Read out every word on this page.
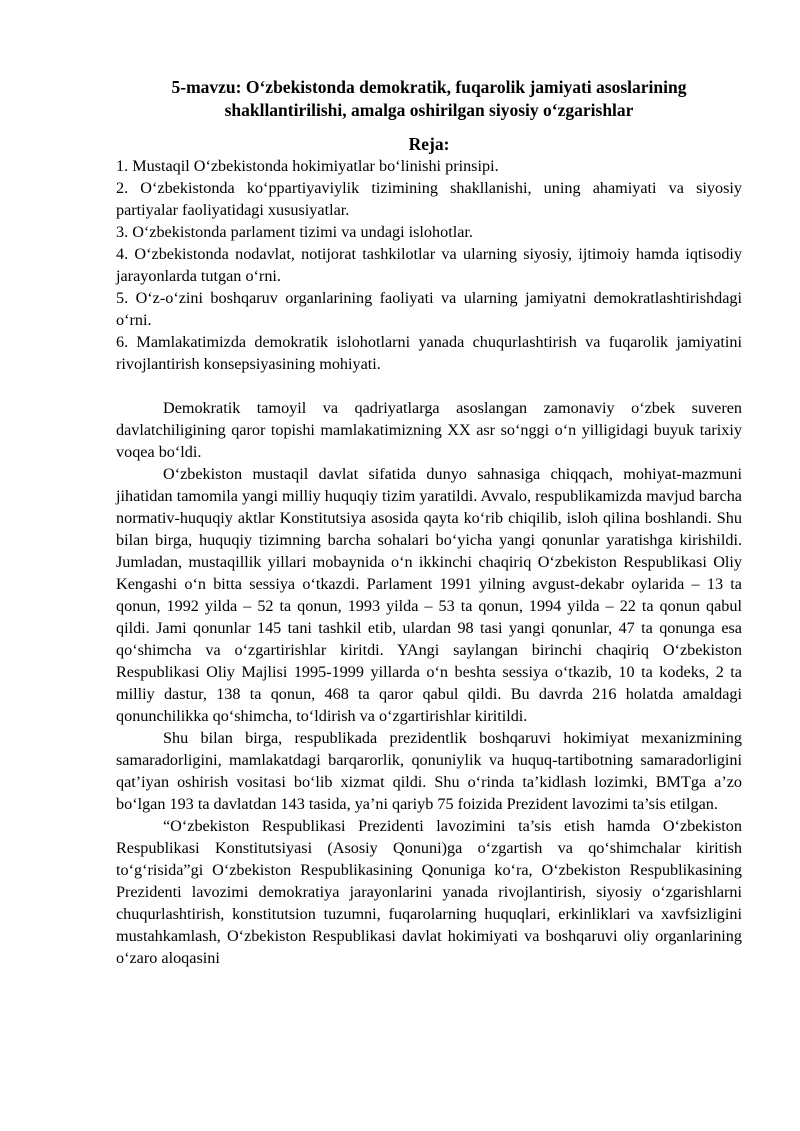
5-mavzu: O‘zbekistonda demokratik, fuqarolik jamiyati asoslarining
shakllantirilishi, amalga oshirilgan siyosiy o‘zgarishlar
Reja:
1. Mustaqil O‘zbekistonda hokimiyatlar bo‘linishi prinsipi.
2. O‘zbekistonda ko‘ppartiyaviylik tizimining shakllanishi, uning ahamiyati va siyosiy partiyalar faoliyatidagi xususiyatlar.
3. O‘zbekistonda parlament tizimi va undagi islohotlar.
4. O‘zbekistonda nodavlat, notijorat tashkilotlar va ularning siyosiy, ijtimoiy hamda iqtisodiy jarayonlarda tutgan o‘rni.
5. O‘z-o‘zini boshqaruv organlarining faoliyati va ularning jamiyatni demokratlashtirishdagi o‘rni.
6. Mamlakatimizda demokratik islohotlarni yanada chuqurlashtirish va fuqarolik jamiyatini rivojlantirish konsepsiyasining mohiyati.

Demokratik tamoyil va qadriyatlarga asoslangan zamonaviy o‘zbek suveren davlatchiligining qaror topishi mamlakatimizning XX asr so‘nggi o‘n yilligidagi buyuk tarixiy voqea bo‘ldi.

O‘zbekiston mustaqil davlat sifatida dunyo sahnasiga chiqqach, mohiyat-mazmuni jihatidan tamomila yangi milliy huquqiy tizim yaratildi. Avvalo, respublikamizda mavjud barcha normativ-huquqiy aktlar Konstitutsiya asosida qayta ko‘rib chiqilib, isloh qilina boshlandi. Shu bilan birga, huquqiy tizimning barcha sohalari bo‘yicha yangi qonunlar yaratishga kirishildi. Jumladan, mustaqillik yillari mobaynida o‘n ikkinchi chaqiriq O‘zbekiston Respublikasi Oliy Kengashi o‘n bitta sessiya o‘tkazdi. Parlament 1991 yilning avgust-dekabr oylarida – 13 ta qonun, 1992 yilda – 52 ta qonun, 1993 yilda – 53 ta qonun, 1994 yilda – 22 ta qonun qabul qildi. Jami qonunlar 145 tani tashkil etib, ulardan 98 tasi yangi qonunlar, 47 ta qonunga esa qo‘shimcha va o‘zgartirishlar kiritdi. YAngi saylangan birinchi chaqiriq O‘zbekiston Respublikasi Oliy Majlisi 1995-1999 yillarda o‘n beshta sessiya o‘tkazib, 10 ta kodeks, 2 ta milliy dastur, 138 ta qonun, 468 ta qaror qabul qildi. Bu davrda 216 holatda amaldagi qonunchilikka qo‘shimcha, to‘ldirish va o‘zgartirishlar kiritildi.

Shu bilan birga, respublikada prezidentlik boshqaruvi hokimiyat mexanizmining samaradorligini, mamlakatdagi barqarorlik, qonuniylik va huquq-tartibotning samaradorligini qat’iyan oshirish vositasi bo‘lib xizmat qildi. Shu o‘rinda ta’kidlash lozimki, BMTga a’zo bo‘lgan 193 ta davlatdan 143 tasida, ya’ni qariyb 75 foizida Prezident lavozimi ta’sis etilgan.

“O‘zbekiston Respublikasi Prezidenti lavozimini ta’sis etish hamda O‘zbekiston Respublikasi Konstitutsiyasi (Asosiy Qonuni)ga o‘zgartish va qo‘shimchalar kiritish to‘g‘risida”gi O‘zbekiston Respublikasining Qonuniga ko‘ra, O‘zbekiston Respublikasining Prezidenti lavozimi demokratiya jarayonlarini yanada rivojlantirish, siyosiy o‘zgarishlarni chuqurlashtirish, konstitutsion tuzumni, fuqarolarning huquqlari, erkinliklari va xavfsizligini mustahkamlash, O‘zbekiston Respublikasi davlat hokimiyati va boshqaruvi oliy organlarining o‘zaro aloqasini
